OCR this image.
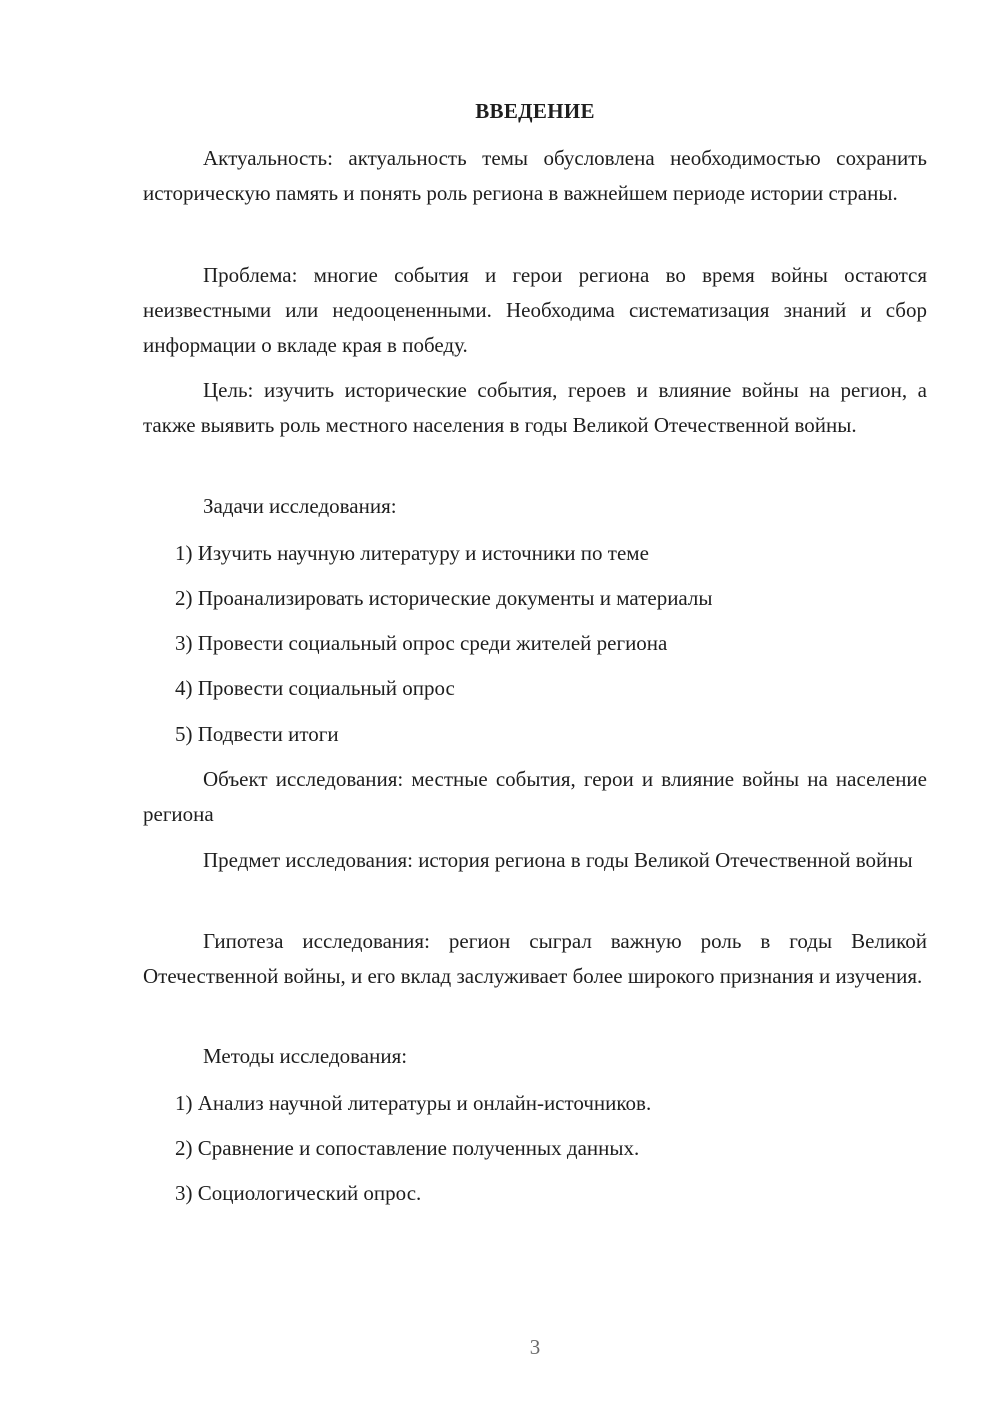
ВВЕДЕНИЕ
Актуальность: актуальность темы обусловлена необходимостью сохранить историческую память и понять роль региона в важнейшем периоде истории страны.
Проблема: многие события и герои региона во время войны остаются неизвестными или недооцененными. Необходима систематизация знаний и сбор информации о вкладе края в победу.
Цель: изучить исторические события, героев и влияние войны на регион, а также выявить роль местного населения в годы Великой Отечественной войны.
Задачи исследования:
1) Изучить научную литературу и источники по теме
2) Проанализировать исторические документы и материалы
3) Провести социальный опрос среди жителей региона
4) Провести социальный опрос
5) Подвести итоги
Объект исследования: местные события, герои и влияние войны на население региона
Предмет исследования: история региона в годы Великой Отечественной войны
Гипотеза исследования: регион сыграл важную роль в годы Великой Отечественной войны, и его вклад заслуживает более широкого признания и изучения.
Методы исследования:
1) Анализ научной литературы и онлайн-источников.
2) Сравнение и сопоставление полученных данных.
3) Социологический опрос.
3
